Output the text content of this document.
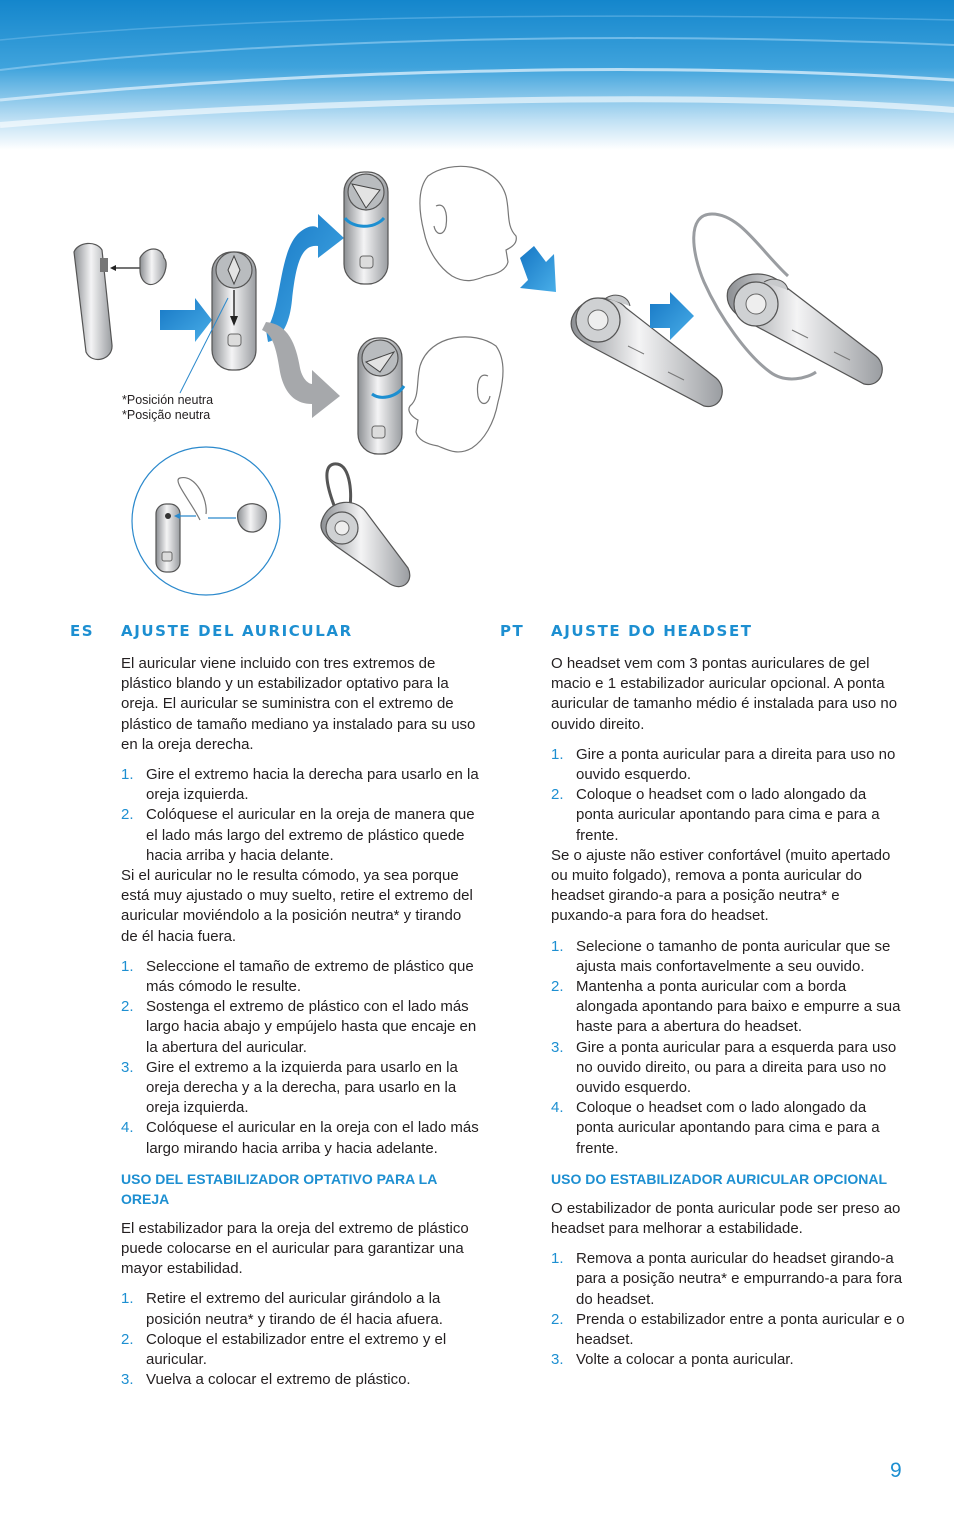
*Posición neutra
*Posição neutra
ES	AJUSTE DEL AURICULAR

El auricular viene incluido con tres extremos de plástico blando y un estabilizador optativo para la oreja. El auricular se suministra con el extremo de plástico de tamaño mediano ya instalado para su uso en la oreja derecha.

1. Gire el extremo hacia la derecha para usarlo en la oreja izquierda.
2. Colóquese el auricular en la oreja de manera que el lado más largo del extremo de plástico quede hacia arriba y hacia delante.

Si el auricular no le resulta cómodo, ya sea porque está muy ajustado o muy suelto, retire el extremo del auricular moviéndolo a la posición neutra* y tirando de él hacia fuera.

1. Seleccione el tamaño de extremo de plástico que más cómodo le resulte.
2. Sostenga el extremo de plástico con el lado más largo hacia abajo y empújelo hasta que encaje en la abertura del auricular.
3. Gire el extremo a la izquierda para usarlo en la oreja derecha y a la derecha, para usarlo en la oreja izquierda.
4. Colóquese el auricular en la oreja con el lado más largo mirando hacia arriba y hacia adelante.
USO DEL ESTABILIZADOR OPTATIVO PARA LA OREJA

El estabilizador para la oreja del extremo de plástico puede colocarse en el auricular para garantizar una mayor estabilidad.

1. Retire el extremo del auricular girándolo a la posición neutra* y tirando de él hacia afuera.
2. Coloque el estabilizador entre el extremo y el auricular.
3. Vuelva a colocar el extremo de plástico.
PT	AJUSTE DO HEADSET

O headset vem com 3 pontas auriculares de gel macio e 1 estabilizador auricular opcional. A ponta auricular de tamanho médio é instalada para uso no ouvido direito.

1. Gire a ponta auricular para a direita para uso no ouvido esquerdo.
2. Coloque o headset com o lado alongado da ponta auricular apontando para cima e para a frente.

Se o ajuste não estiver confortável (muito apertado ou muito folgado), remova a ponta auricular do headset girando-a para a posição neutra* e puxando-a para fora do headset.

1. Selecione o tamanho de ponta auricular que se ajusta mais confortavelmente a seu ouvido.
2. Mantenha a ponta auricular com a borda alongada apontando para baixo e empurre a sua haste para a abertura do headset.
3. Gire a ponta auricular para a esquerda para uso no ouvido direito, ou para a direita para uso no ouvido esquerdo.
4. Coloque o headset com o lado alongado da ponta auricular apontando para cima e para a frente.
USO DO ESTABILIZADOR AURICULAR OPCIONAL

O estabilizador de ponta auricular pode ser preso ao headset para melhorar a estabilidade.

1. Remova a ponta auricular do headset girando-a para a posição neutra* e empurrando-a para fora do headset.
2. Prenda o estabilizador entre a ponta auricular e o headset.
3. Volte a colocar a ponta auricular.
9
